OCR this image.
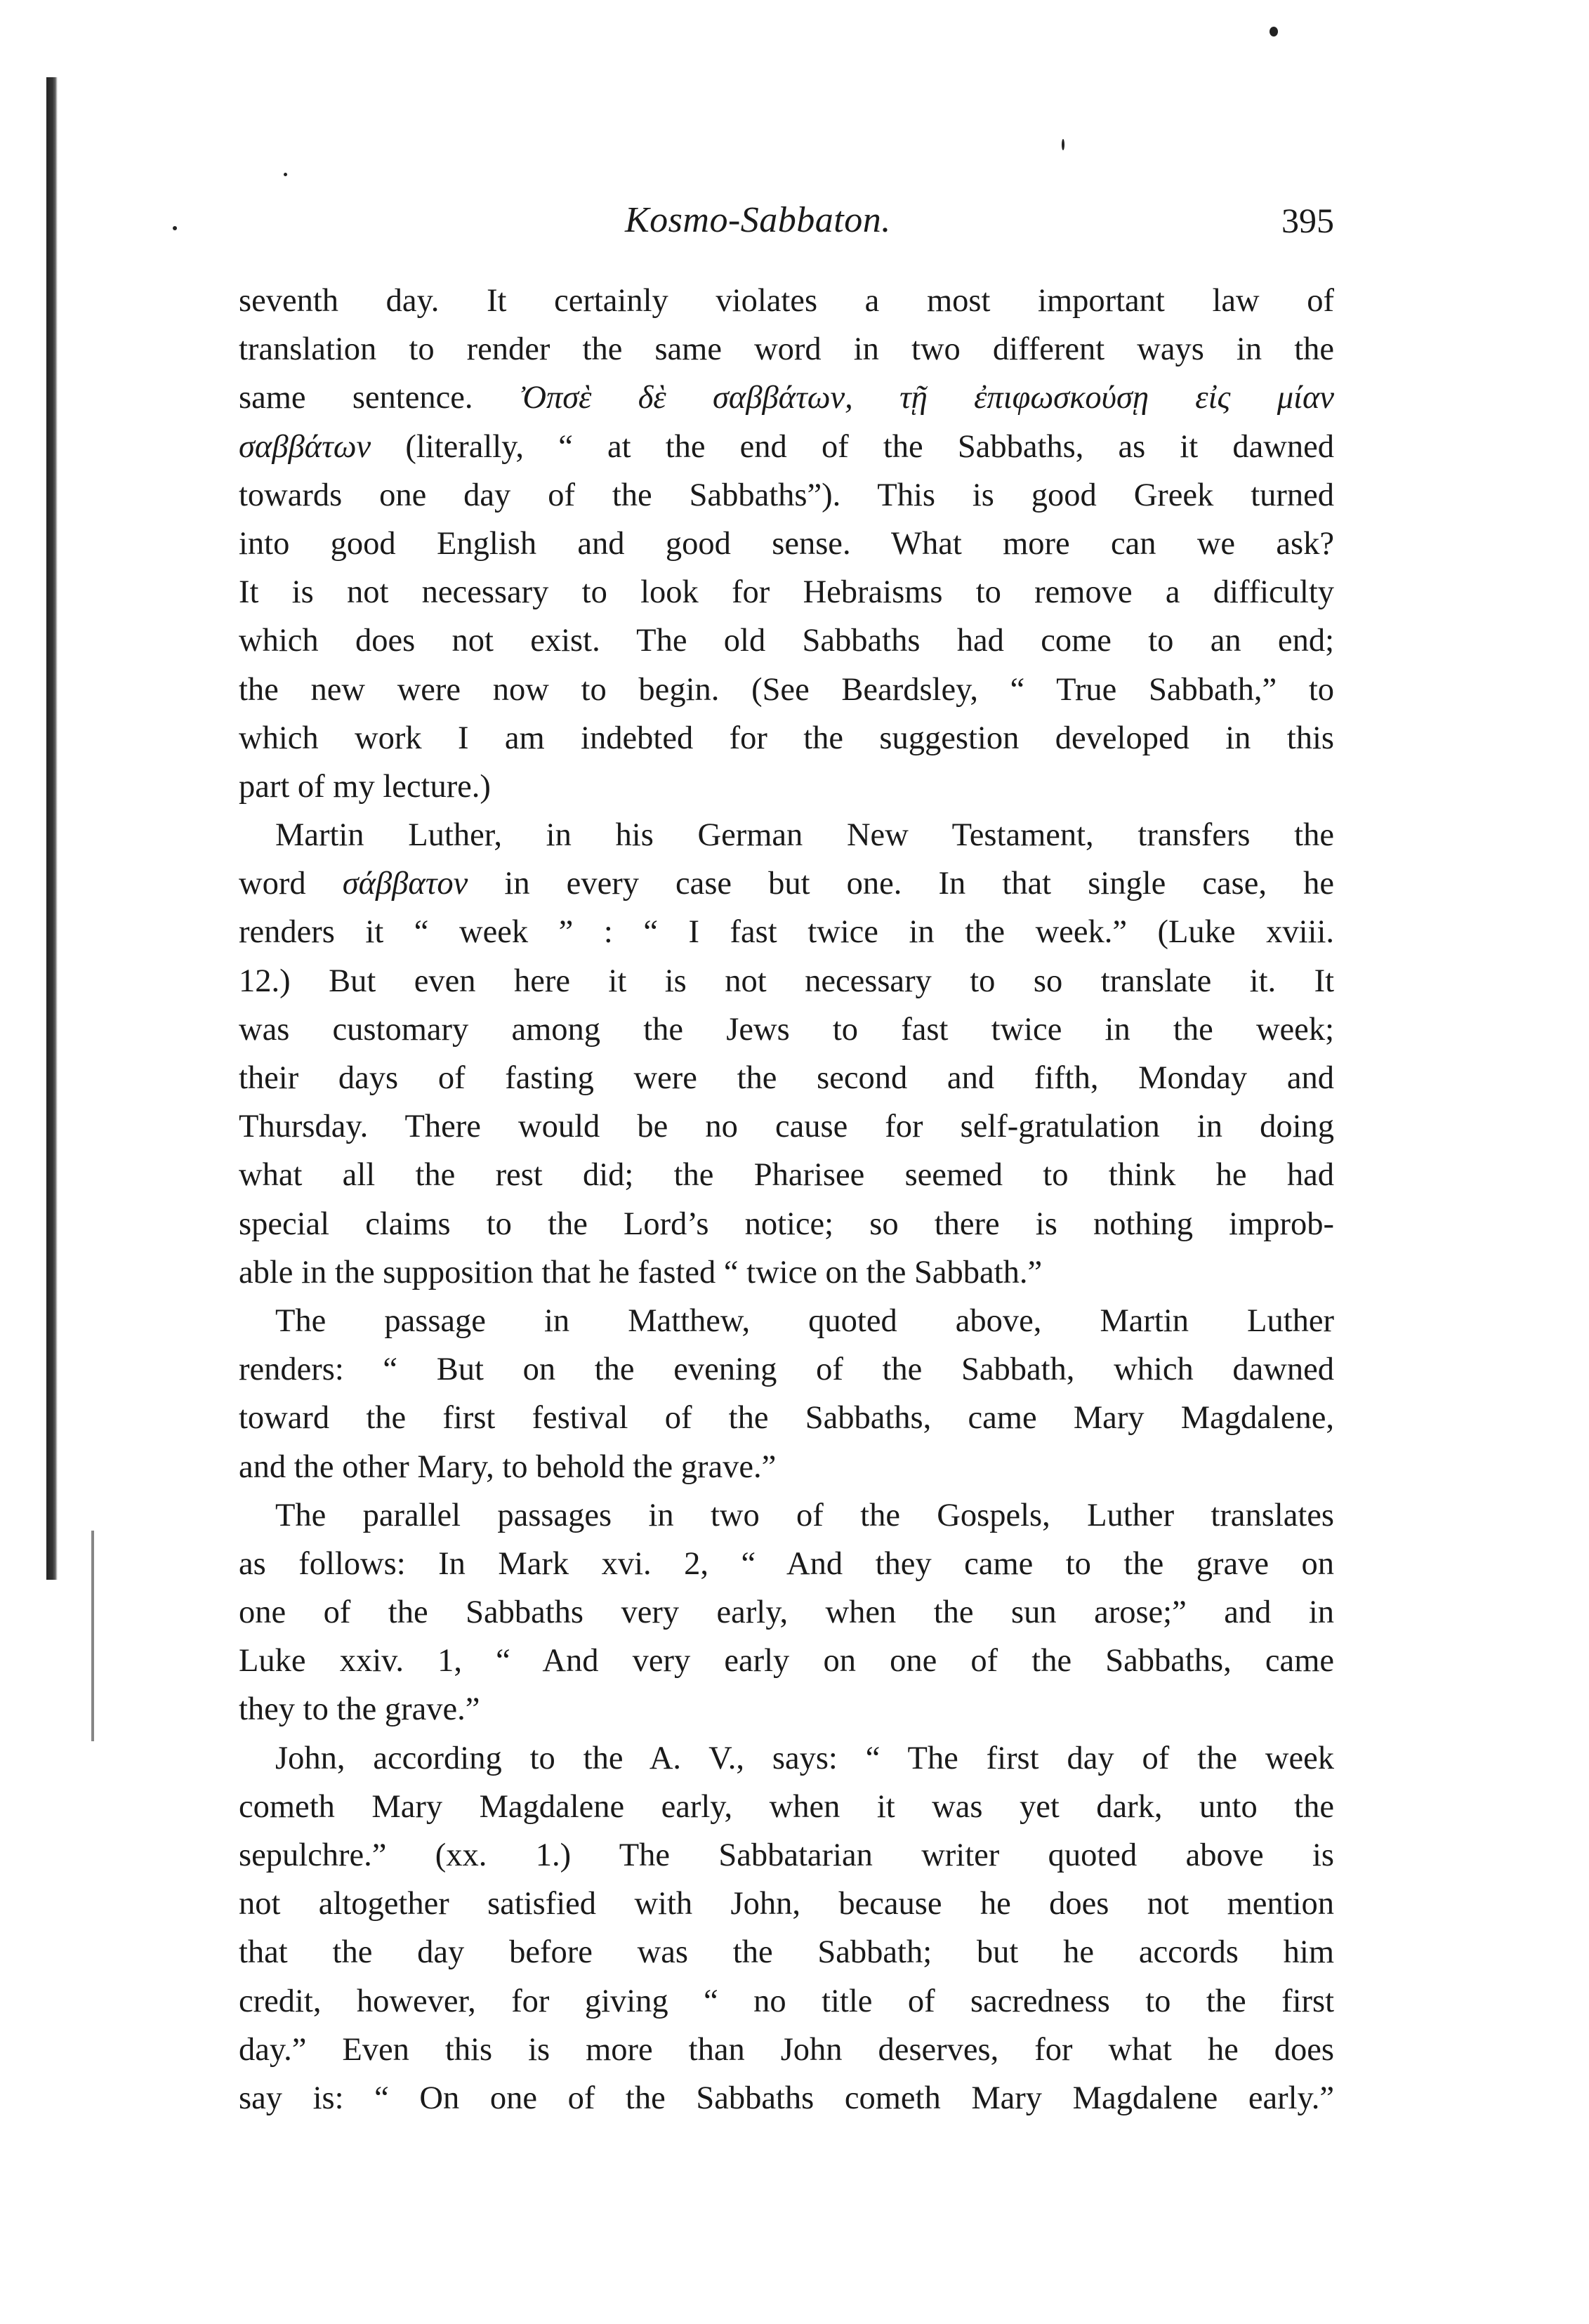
Kosmo-Sabbaton.	395
seventh day. It certainly violates a most important law of
translation to render the same word in two different ways in the
same sentence. Ὀπσὲ δὲ σαββάτων, τῇ ἐπιφωσκούσῃ εἰς μίαν
σαββάτων (literally, “ at the end of the Sabbaths, as it dawned
towards one day of the Sabbaths”). This is good Greek turned
into good English and good sense. What more can we ask?
It is not necessary to look for Hebraisms to remove a difficulty
which does not exist. The old Sabbaths had come to an end;
the new were now to begin. (See Beardsley, “ True Sabbath,” to
which work I am indebted for the suggestion developed in this
part of my lecture.)
Martin Luther, in his German New Testament, transfers the
word σάββατον in every case but one. In that single case, he
renders it “ week ” : “ I fast twice in the week.” (Luke xviii.
12.) But even here it is not necessary to so translate it. It
was customary among the Jews to fast twice in the week;
their days of fasting were the second and fifth, Monday and
Thursday. There would be no cause for self-gratulation in doing
what all the rest did; the Pharisee seemed to think he had
special claims to the Lord’s notice; so there is nothing improb-
able in the supposition that he fasted “ twice on the Sabbath.”
The passage in Matthew, quoted above, Martin Luther
renders: “ But on the evening of the Sabbath, which dawned
toward the first festival of the Sabbaths, came Mary Magdalene,
and the other Mary, to behold the grave.”
The parallel passages in two of the Gospels, Luther translates
as follows: In Mark xvi. 2, “ And they came to the grave on
one of the Sabbaths very early, when the sun arose;” and in
Luke xxiv. 1, “ And very early on one of the Sabbaths, came
they to the grave.”
John, according to the A. V., says: “ The first day of the week
cometh Mary Magdalene early, when it was yet dark, unto the
sepulchre.” (xx. 1.) The Sabbatarian writer quoted above is
not altogether satisfied with John, because he does not mention
that the day before was the Sabbath; but he accords him
credit, however, for giving “ no title of sacredness to the first
day.” Even this is more than John deserves, for what he does
say is: “ On one of the Sabbaths cometh Mary Magdalene early.”
